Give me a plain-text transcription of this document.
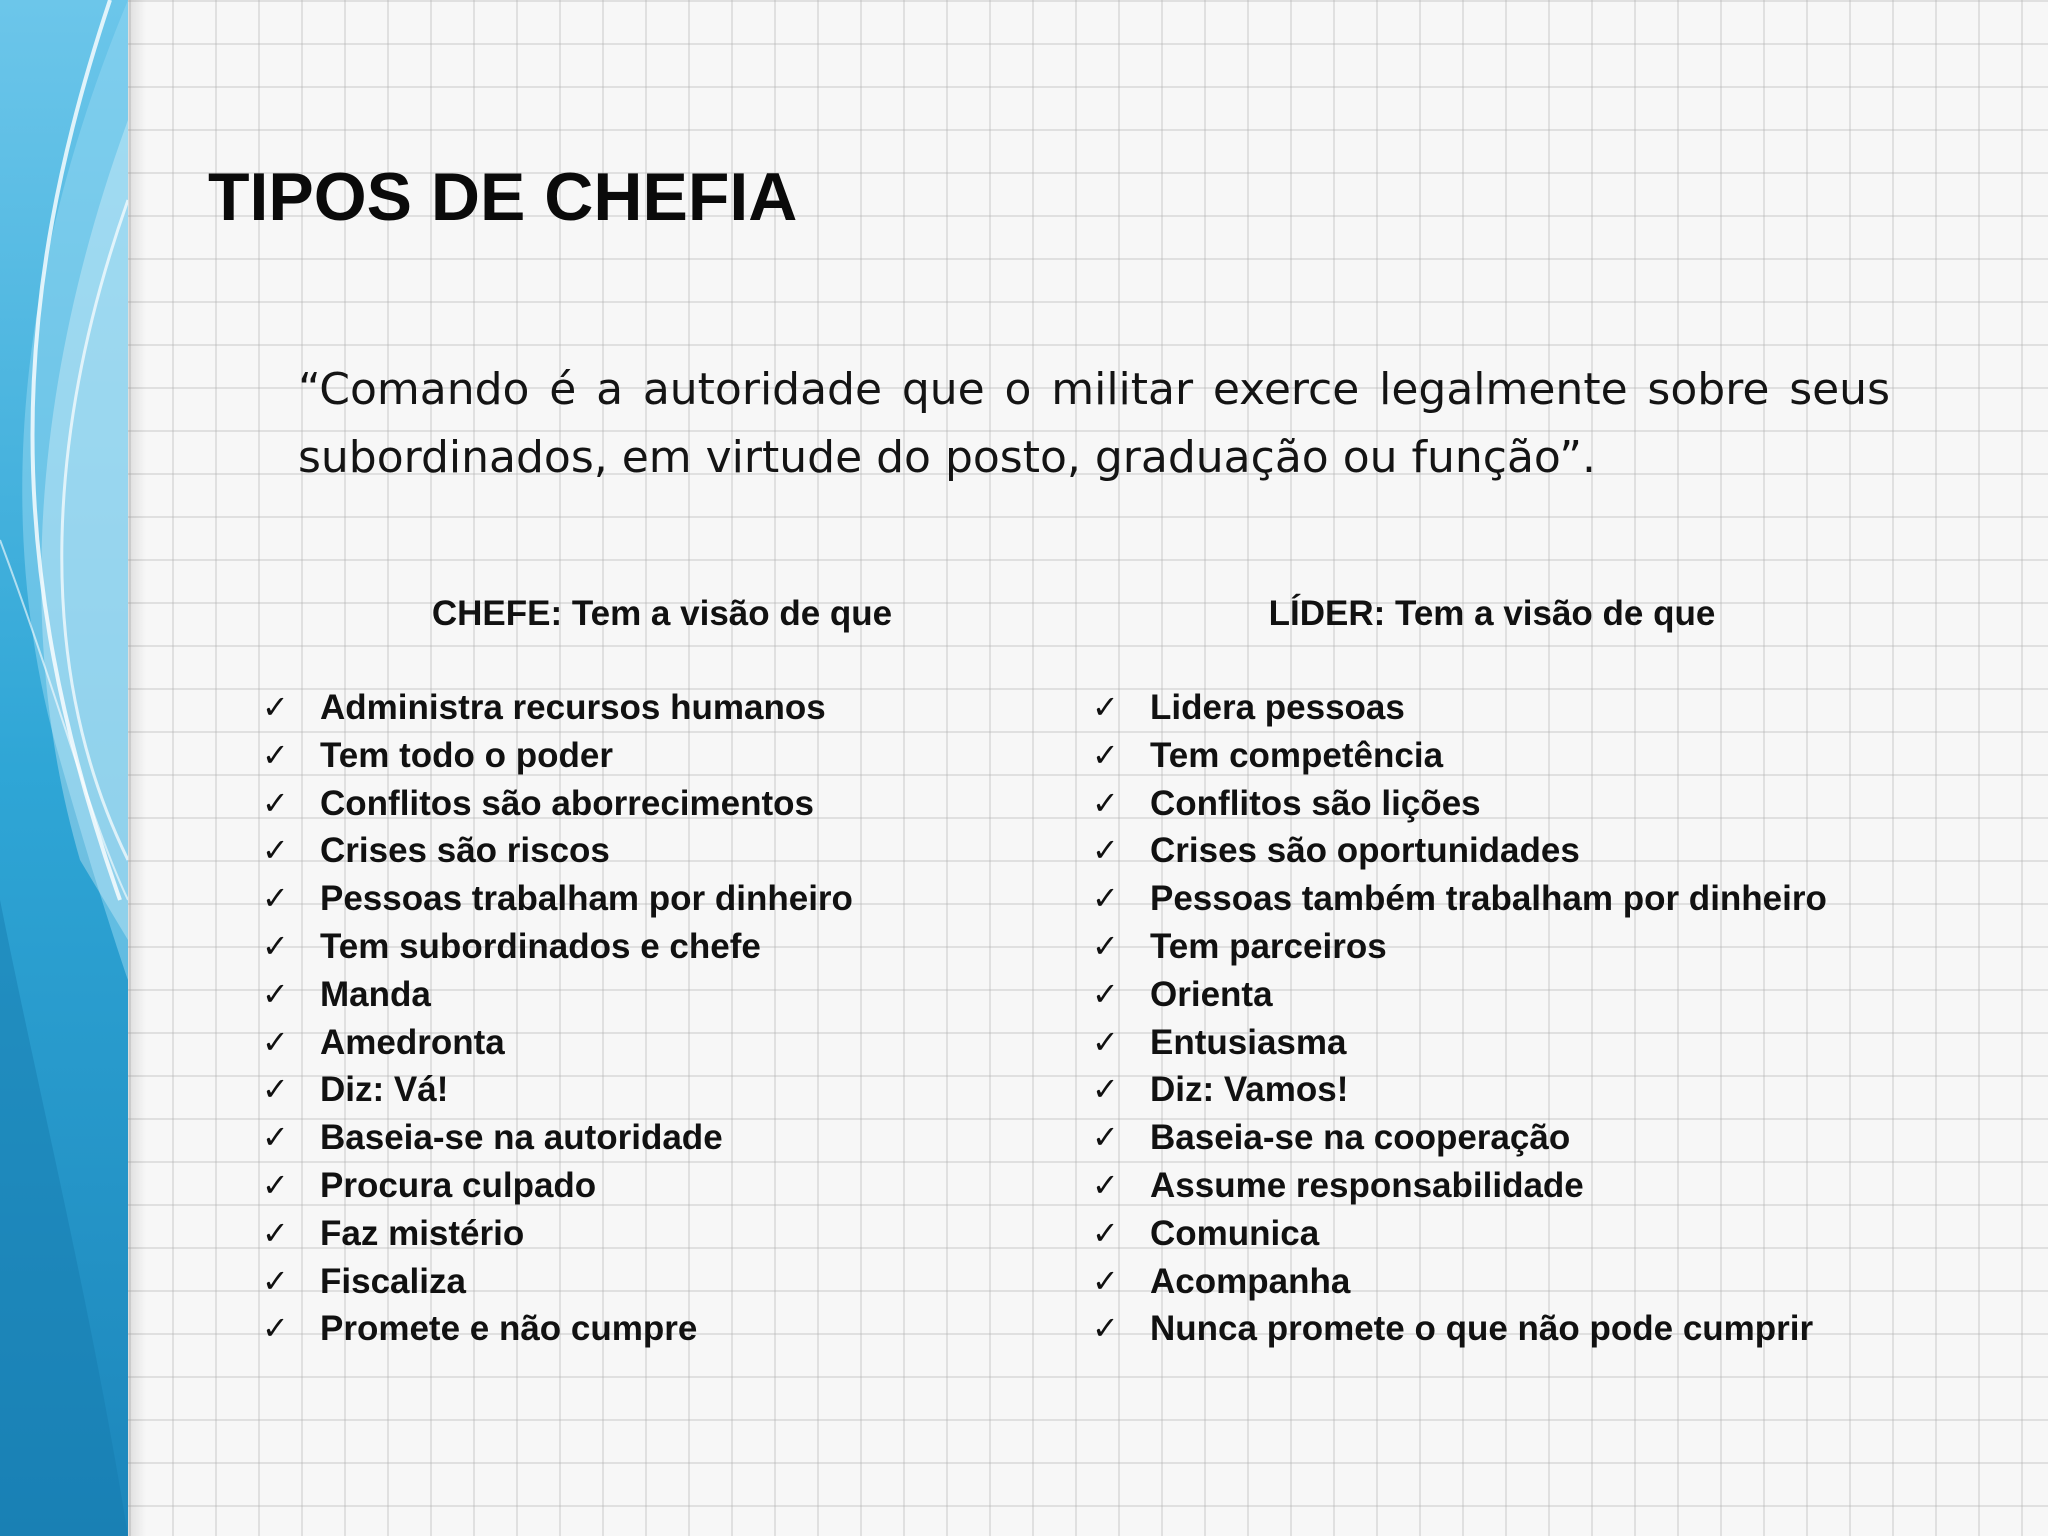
TIPOS DE CHEFIA

“Comando é a autoridade que o militar exerce legalmente sobre seus subordinados, em virtude do posto, graduação ou função”.

CHEFE: Tem a visão de que
✓ Administra recursos humanos
✓ Tem todo o poder
✓ Conflitos são aborrecimentos
✓ Crises são riscos
✓ Pessoas trabalham por dinheiro
✓ Tem subordinados e chefe
✓ Manda
✓ Amedronta
✓ Diz: Vá!
✓ Baseia-se na autoridade
✓ Procura culpado
✓ Faz mistério
✓ Fiscaliza
✓ Promete e não cumpre
LÍDER: Tem a visão de que
✓ Lidera pessoas
✓ Tem competência
✓ Conflitos são lições
✓ Crises são oportunidades
✓ Pessoas também trabalham por dinheiro
✓ Tem parceiros
✓ Orienta
✓ Entusiasma
✓ Diz: Vamos!
✓ Baseia-se na cooperação
✓ Assume responsabilidade
✓ Comunica
✓ Acompanha
✓ Nunca promete o que não pode cumprir
